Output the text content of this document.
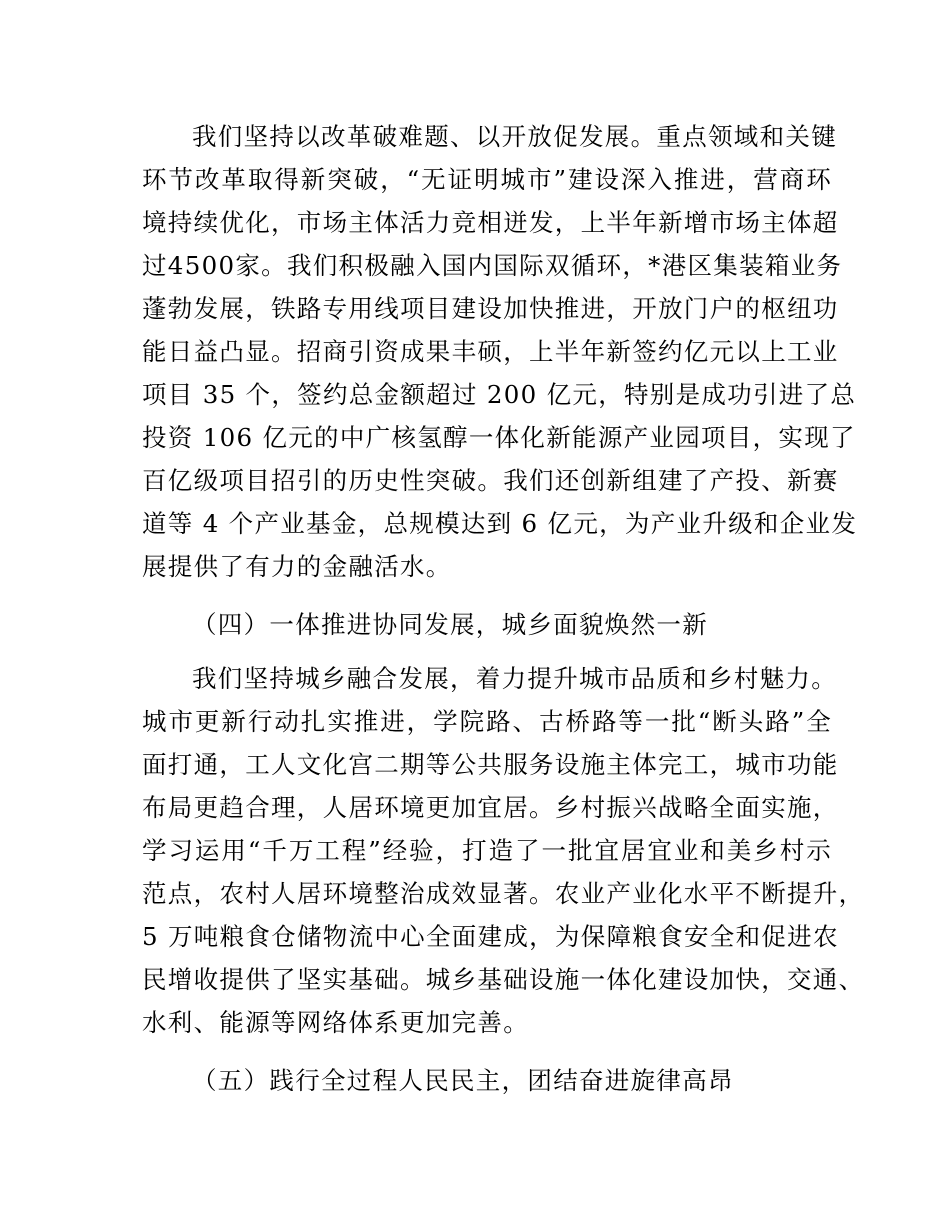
我们坚持以改革破难题、以开放促发展。重点领域和关键
环节改革取得新突破，“无证明城市”建设深入推进，营商环
境持续优化，市场主体活力竞相迸发，上半年新增市场主体超
过4500家。我们积极融入国内国际双循环，*港区集装箱业务
蓬勃发展，铁路专用线项目建设加快推进，开放门户的枢纽功
能日益凸显。招商引资成果丰硕，上半年新签约亿元以上工业
项目 35 个，签约总金额超过 200 亿元，特别是成功引进了总
投资 106 亿元的中广核氢醇一体化新能源产业园项目，实现了
百亿级项目招引的历史性突破。我们还创新组建了产投、新赛
道等 4 个产业基金，总规模达到 6 亿元，为产业升级和企业发
展提供了有力的金融活水。
（四）一体推进协同发展，城乡面貌焕然一新
我们坚持城乡融合发展，着力提升城市品质和乡村魅力。
城市更新行动扎实推进，学院路、古桥路等一批“断头路”全
面打通，工人文化宫二期等公共服务设施主体完工，城市功能
布局更趋合理，人居环境更加宜居。乡村振兴战略全面实施，
学习运用“千万工程”经验，打造了一批宜居宜业和美乡村示
范点，农村人居环境整治成效显著。农业产业化水平不断提升，
5 万吨粮食仓储物流中心全面建成，为保障粮食安全和促进农
民增收提供了坚实基础。城乡基础设施一体化建设加快，交通、
水利、能源等网络体系更加完善。
（五）践行全过程人民民主，团结奋进旋律高昂
